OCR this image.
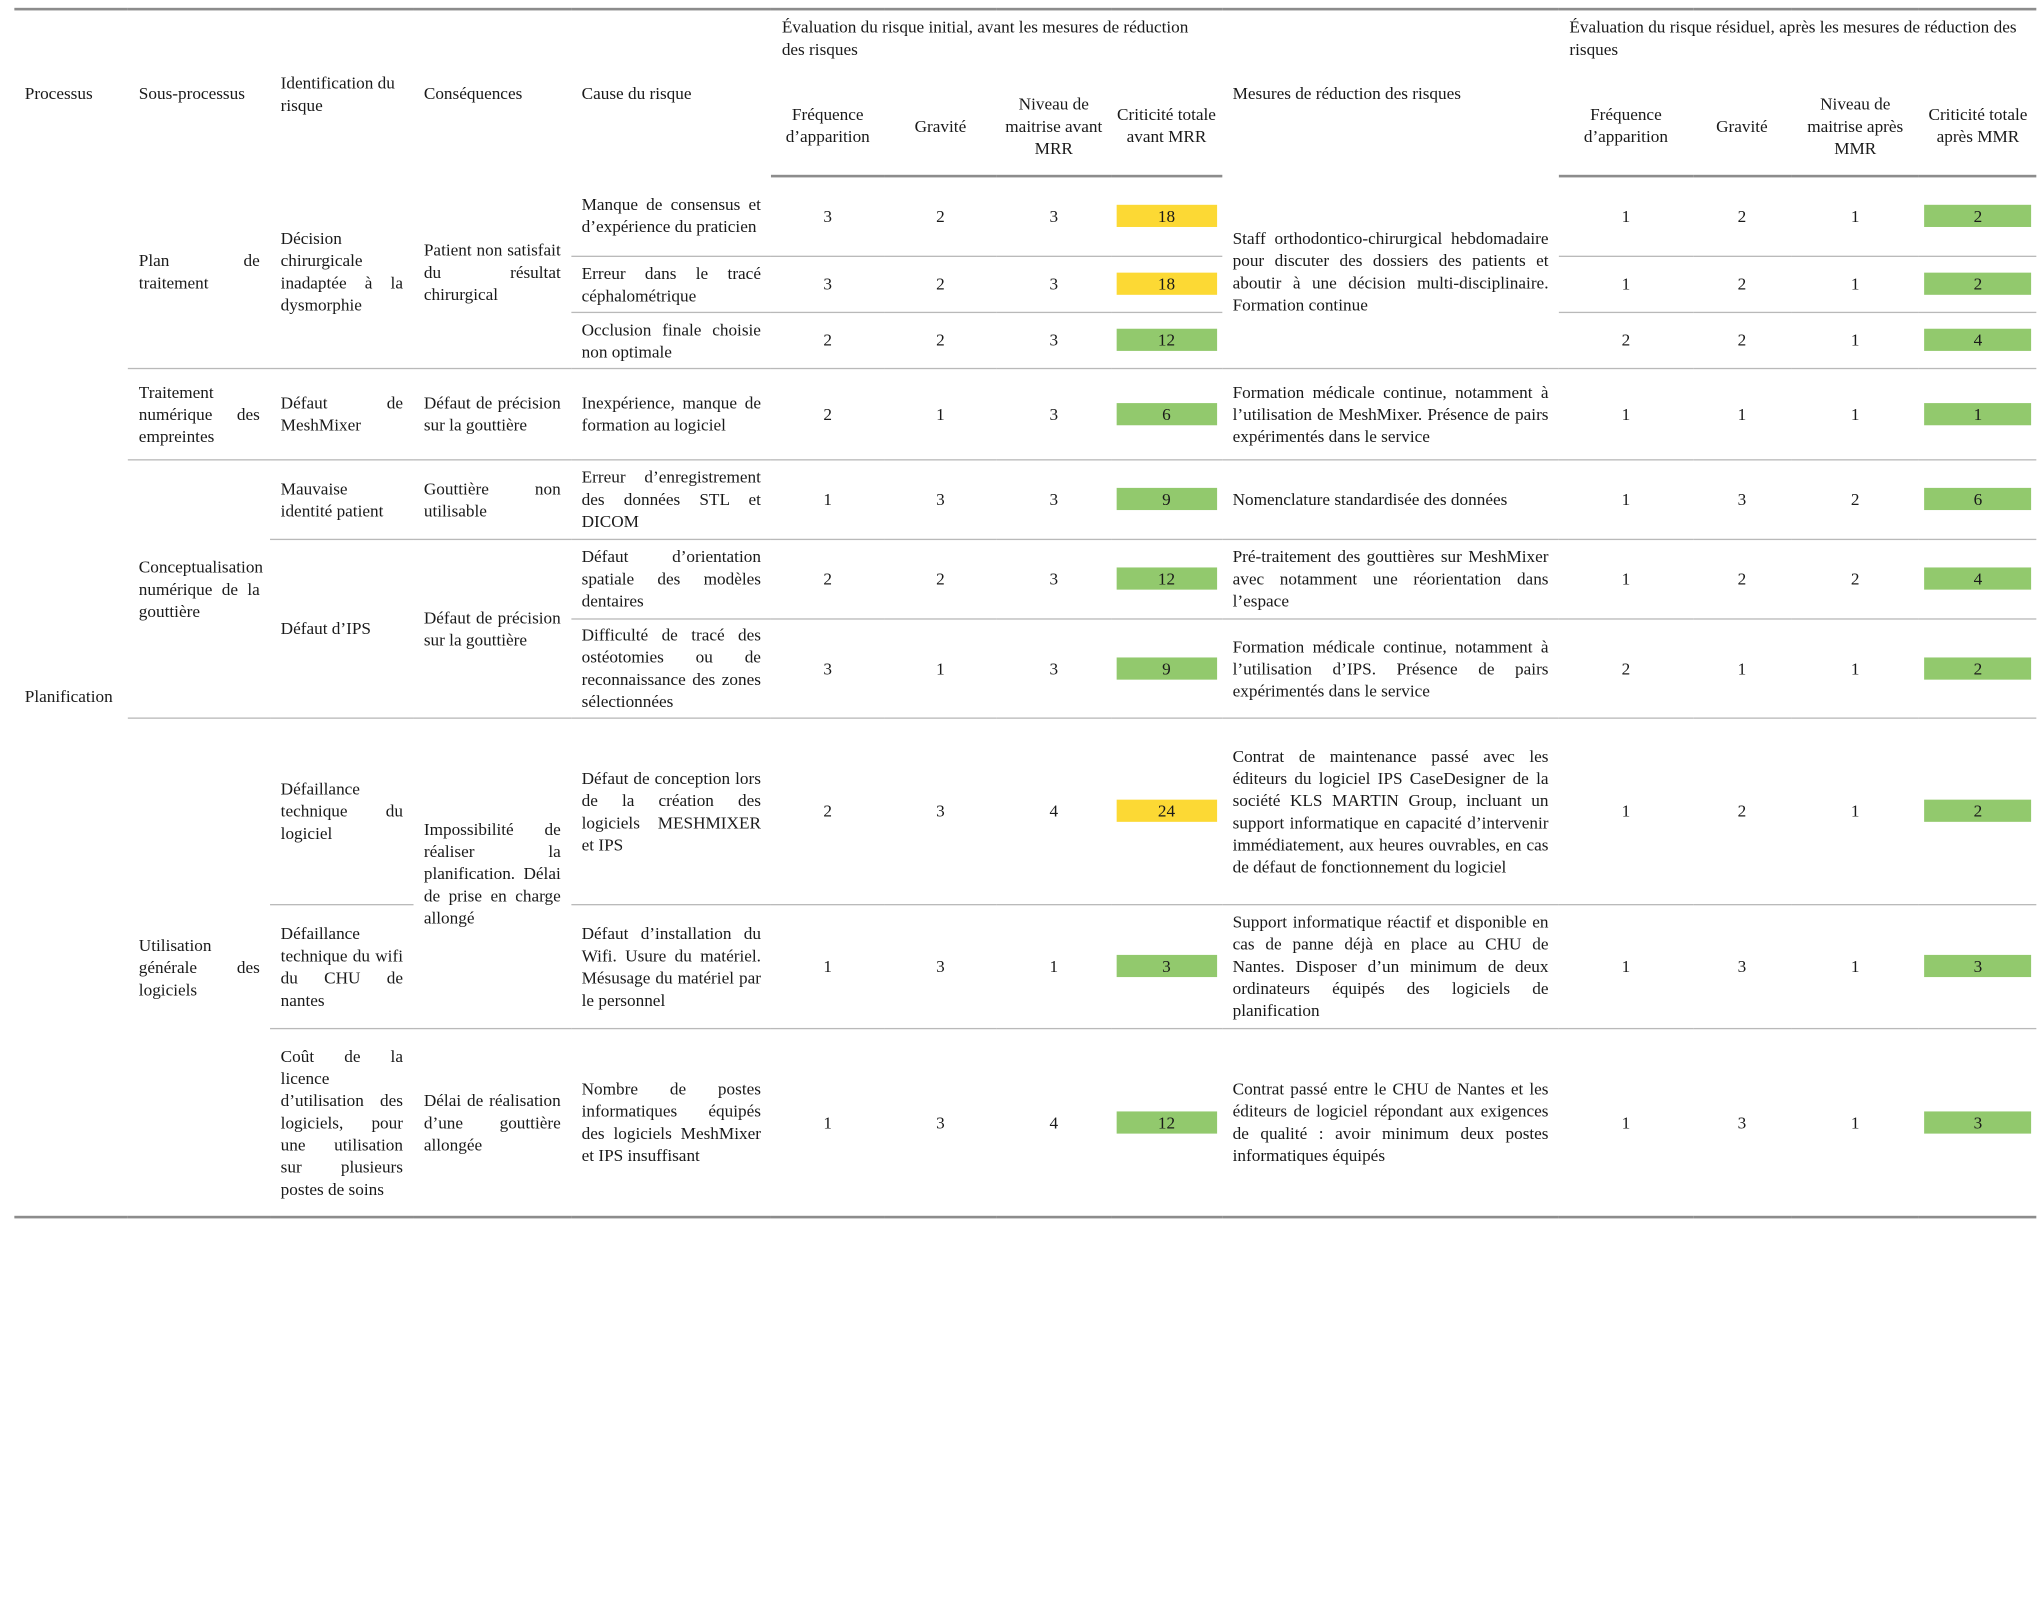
Processus	Sous-processus	Identification du risque	Conséquences	Cause du risque	Évaluation du risque initial, avant les mesures de réduction des risques				Mesures de réduction des risques	Évaluation du risque résiduel, après les mesures de réduction des risques			
					Fréquence d’apparition	Gravité	Niveau de maitrise avant MRR	Criticité totale avant MRR		Fréquence d’apparition	Gravité	Niveau de maitrise après MMR	Criticité totale après MMR
Planification	Plan de traitement	Décision chirurgicale inadaptée à la dysmorphie	Patient non satisfait du résultat chirurgical	Manque de consensus et d’expérience du praticien	3	2	3	18	Staff orthodontico-chirurgical hebdomadaire pour discuter des dossiers des patients et aboutir à une décision multi-disciplinaire. Formation continue	1	2	1	2

				Erreur dans le tracé céphalométrique	3	2	3	18		1	2	1	2

				Occlusion finale choisie non optimale	2	2	3	12		2	2	1	4

	Traitement numérique des empreintes	Défaut de MeshMixer	Défaut de précision sur la gouttière	Inexpérience, manque de formation au logiciel	2	1	3	6	Formation médicale continue, notamment à l’utilisation de MeshMixer. Présence de pairs expérimentés dans le service	1	1	1	1

	Conceptualisation numérique de la gouttière	Mauvaise identité patient	Gouttière non utilisable	Erreur d’enregistrement des données STL et DICOM	1	3	3	9	Nomenclature standardisée des données	1	3	2	6

		Défaut d’IPS	Défaut de précision sur la gouttière	Défaut d’orientation spatiale des modèles dentaires	2	2	3	12	Pré-traitement des gouttières sur MeshMixer avec notamment une réorientation dans l’espace	1	2	2	4

				Difficulté de tracé des ostéotomies ou de reconnaissance des zones sélectionnées	3	1	3	9	Formation médicale continue, notamment à l’utilisation d’IPS. Présence de pairs expérimentés dans le service	2	1	1	2

	Utilisation générale des logiciels	Défaillance technique du logiciel	Impossibilité de réaliser la planification. Délai de prise en charge allongé	Défaut de conception lors de la création des logiciels MESHMIXER et IPS	2	3	4	24	Contrat de maintenance passé avec les éditeurs du logiciel IPS CaseDesigner de la société KLS MARTIN Group, incluant un support informatique en capacité d’intervenir immédiatement, aux heures ouvrables, en cas de défaut de fonctionnement du logiciel	1	2	1	2

		Défaillance technique du wifi du CHU de nantes		Défaut d’installation du Wifi. Usure du matériel. Mésusage du matériel par le personnel	1	3	1	3	Support informatique réactif et disponible en cas de panne déjà en place au CHU de Nantes. Disposer d’un minimum de deux ordinateurs équipés des logiciels de planification	1	3	1	3

		Coût de la licence d’utilisation des logiciels, pour une utilisation sur plusieurs postes de soins	Délai de réalisation d’une gouttière allongée	Nombre de postes informatiques équipés des logiciels MeshMixer et IPS insuffisant	1	3	4	12	Contrat passé entre le CHU de Nantes et les éditeurs de logiciel répondant aux exigences de qualité : avoir minimum deux postes informatiques équipés	1	3	1	3
